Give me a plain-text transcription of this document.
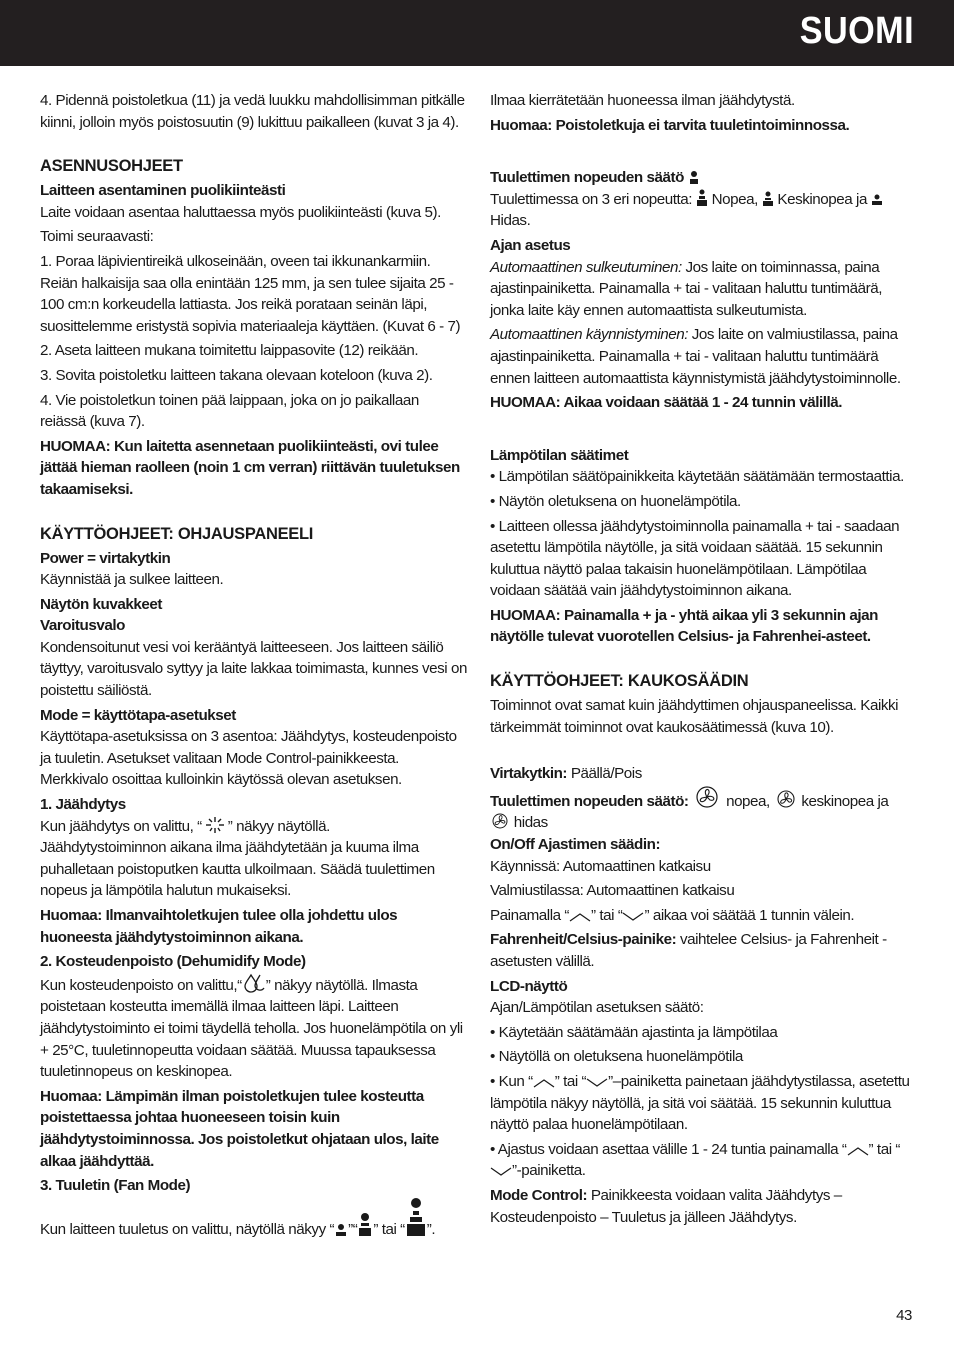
SUOMI

4. Pidennä poistoletkua (11) ja vedä luukku mahdollisimman pitkälle kiinni, jolloin myös poistosuutin (9) lukittuu paikalleen (kuvat 3 ja 4).

ASENNUSOHJEET

Laitteen asentaminen puolikiinteästi

Laite voidaan asentaa haluttaessa myös puolikiinteästi (kuva 5).

Toimi seuraavasti:

1. Poraa läpivientireikä ulkoseinään, oveen tai ikkunankarmiin. Reiän halkaisija saa olla enintään 125 mm, ja sen tulee sijaita 25 - 100 cm:n korkeudella lattiasta. Jos reikä porataan seinän läpi, suosittelemme eristystä sopivia materiaaleja käyttäen. (Kuvat 6 - 7)

2. Aseta laitteen mukana toimitettu laippasovite (12) reikään.

3. Sovita poistoletku laitteen takana olevaan koteloon (kuva 2).

4. Vie poistoletkun toinen pää laippaan, joka on jo paikallaan reiässä (kuva 7).

HUOMAA: Kun laitetta asennetaan puolikiinteästi, ovi tulee jättää hieman raolleen (noin 1 cm verran) riittävän tuuletuksen takaamiseksi.

KÄYTTÖOHJEET: OHJAUSPANEELI

Power = virtakytkin

Käynnistää ja sulkee laitteen.

Näytön kuvakkeet

Varoitusvalo

Kondensoitunut vesi voi kerääntyä laitteeseen. Jos laitteen säiliö täyttyy, varoitusvalo syttyy ja laite lakkaa toimimasta, kunnes vesi on poistettu säiliöstä.

Mode = käyttötapa-asetukset

Käyttötapa-asetuksissa on 3 asentoa: Jäähdytys, kosteudenpoisto ja tuuletin. Asetukset valitaan Mode Control-painikkeesta. Merkkivalo osoittaa kulloinkin käytössä olevan asetuksen.

1. Jäähdytys

Kun jäähdytys on valittu, “ ” näkyy näytöllä.

Jäähdytystoiminnon aikana ilma jäähdytetään ja kuuma ilma puhalletaan poistoputken kautta ulkoilmaan. Säädä tuulettimen nopeus ja lämpötila halutun mukaiseksi.

Huomaa: Ilmanvaihtoletkujen tulee olla johdettu ulos huoneesta jäähdytystoiminnon aikana.

2. Kosteudenpoisto (Dehumidify Mode)

Kun kosteudenpoisto on valittu,“ ” näkyy näytöllä. Ilmasta poistetaan kosteutta imemällä ilmaa laitteen läpi. Laitteen jäähdytystoiminto ei toimi täydellä teholla. Jos huonelämpötila on yli + 25°C, tuuletinnopeutta voidaan säätää. Muussa tapauksessa tuuletinnopeus on keskinopea.

Huomaa: Lämpimän ilman poistoletkujen tulee kosteutta poistettaessa johtaa huoneeseen toisin kuin jäähdytystoiminnossa. Jos poistoletkut ohjataan ulos, laite alkaa jäähdyttää.

3. Tuuletin (Fan Mode)

Kun laitteen tuuletus on valittu, näytöllä näkyy “ ”“ ” tai “ ”.

Ilmaa kierrätetään huoneessa ilman jäähdytystä.

Huomaa: Poistoletkuja ei tarvita tuuletintoiminnossa.

Tuulettimen nopeuden säätö

Tuulettimessa on 3 eri nopeutta:  Nopea,  Keskinopea ja Hidas.

Ajan asetus

Automaattinen sulkeutuminen: Jos laite on toiminnassa, paina ajastinpainiketta. Painamalla + tai - valitaan haluttu tuntimäärä, jonka laite käy ennen automaattista sulkeutumista.

Automaattinen käynnistyminen: Jos laite on valmiustilassa, paina ajastinpainiketta. Painamalla + tai - valitaan haluttu tuntimäärä ennen laitteen automaattista käynnistymistä jäähdytystoiminnolle.

HUOMAA: Aikaa voidaan säätää 1 - 24 tunnin välillä.

Lämpötilan säätimet

• Lämpötilan säätöpainikkeita käytetään säätämään termostaattia.

• Näytön oletuksena on huonelämpötila.

• Laitteen ollessa jäähdytystoiminnolla painamalla + tai - saadaan asetettu lämpötila näytölle, ja sitä voidaan säätää. 15 sekunnin kuluttua näyttö palaa takaisin huonelämpötilaan. Lämpötilaa voidaan säätää vain jäähdytystoiminnon aikana.

HUOMAA: Painamalla + ja - yhtä aikaa yli 3 sekunnin ajan näytölle tulevat vuorotellen Celsius- ja Fahrenhei-asteet.

KÄYTTÖOHJEET: KAUKOSÄÄDIN

Toiminnot ovat samat kuin jäähdyttimen ohjauspaneelissa. Kaikki tärkeimmät toiminnot ovat kaukosäätimessä (kuva 10).

Virtakytkin: Päällä/Pois

Tuulettimen nopeuden säätö:  nopea,  keskinopea ja
hidas

On/Off Ajastimen säädin:

Käynnissä: Automaattinen katkaisu

Valmiustilassa: Automaattinen katkaisu

Painamalla “ ” tai “ ” aikaa voi säätää 1 tunnin välein.

Fahrenheit/Celsius-painike: vaihtelee Celsius- ja Fahrenheit -asetusten välillä.

LCD-näyttö

Ajan/Lämpötilan asetuksen säätö:

• Käytetään säätämään ajastinta ja lämpötilaa

• Näytöllä on oletuksena huonelämpötila

• Kun “ ” tai “ ”–painiketta painetaan jäähdytystilassa, asetettu lämpötila näkyy näytöllä, ja sitä voi säätää. 15 sekunnin kuluttua näyttö palaa huonelämpötilaan.

• Ajastus voidaan asettaa välille 1 - 24 tuntia painamalla “ ” tai “”-painiketta.

Mode Control: Painikkeesta voidaan valita Jäähdytys – Kosteudenpoisto – Tuuletus ja jälleen Jäähdytys.

43
